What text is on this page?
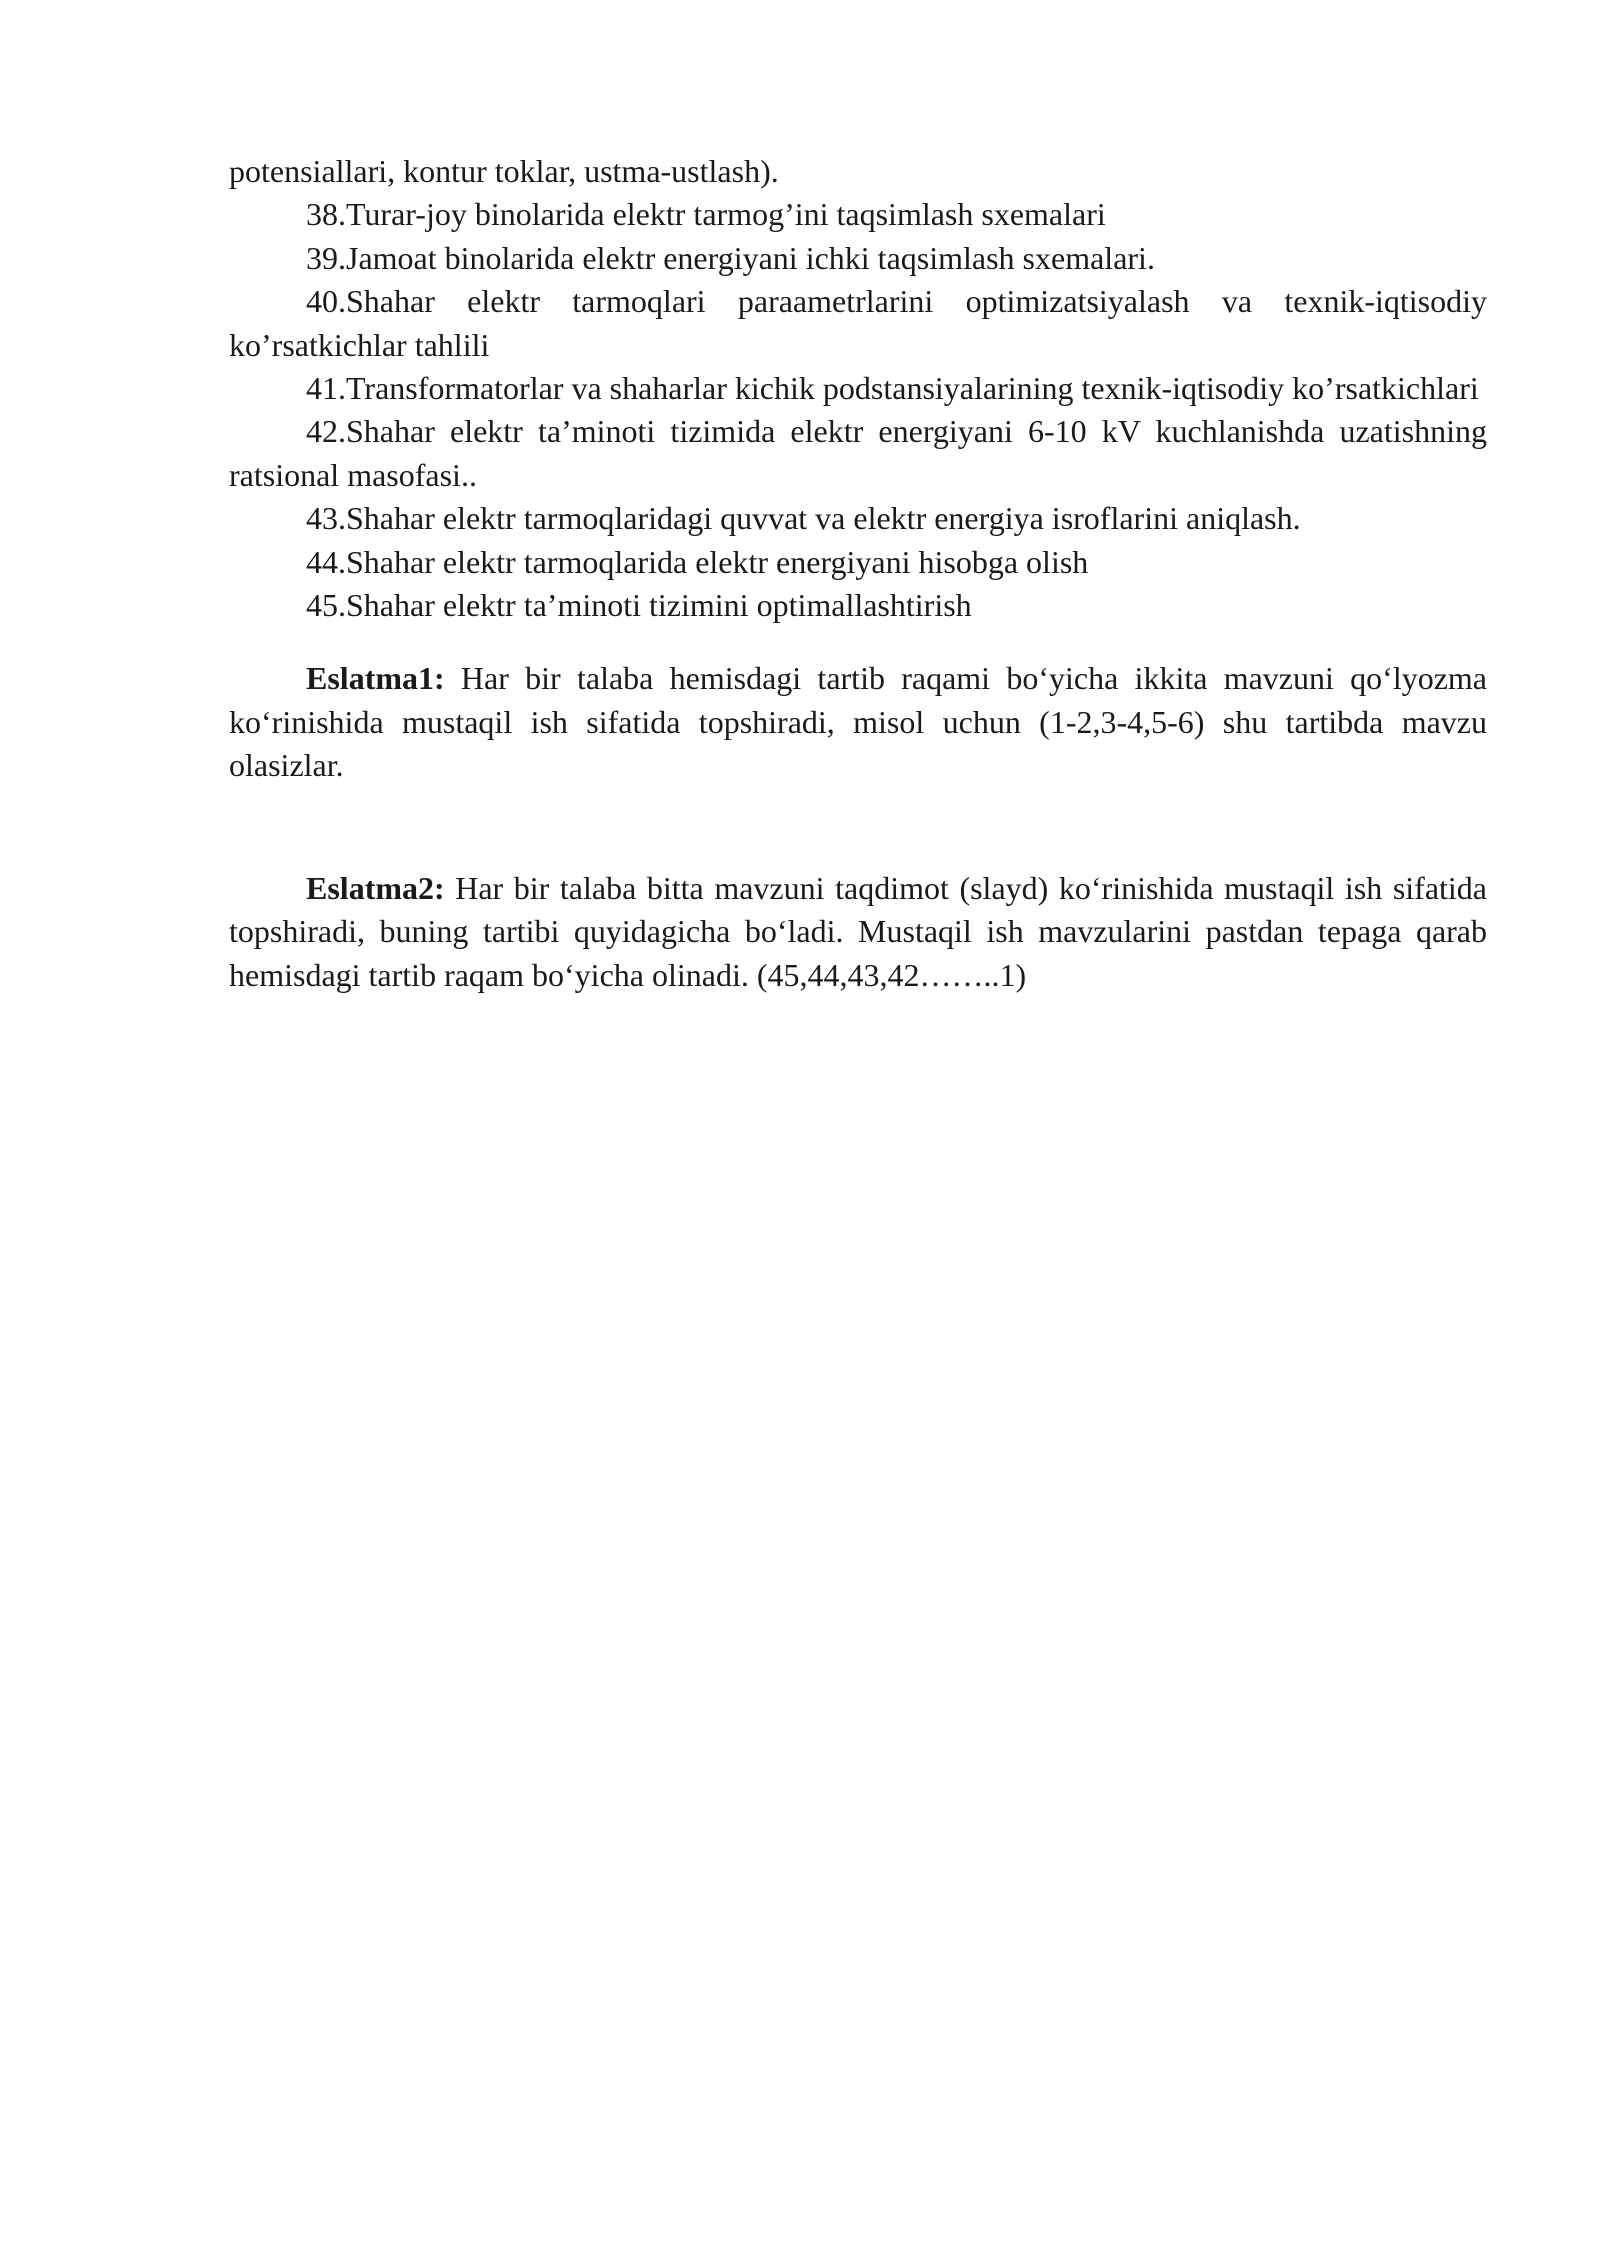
potensiallari, kontur toklar, ustma-ustlash).

38.Turar-joy binolarida elektr tarmog’ini taqsimlash sxemalari

39.Jamoat binolarida elektr energiyani ichki taqsimlash sxemalari.

40.Shahar elektr tarmoqlari paraametrlarini optimizatsiyalash va texnik-iqtisodiy ko’rsatkichlar tahlili

41.Transformatorlar va shaharlar kichik podstansiyalarining texnik-iqtisodiy ko’rsatkichlari

42.Shahar elektr ta’minoti tizimida elektr energiyani 6-10 kV kuchlanishda uzatishning ratsional masofasi..

43.Shahar elektr tarmoqlaridagi quvvat va elektr energiya isroflarini aniqlash.

44.Shahar elektr tarmoqlarida elektr energiyani hisobga olish

45.Shahar elektr ta’minoti tizimini optimallashtirish

Eslatma1: Har bir talaba hemisdagi tartib raqami bo‘yicha ikkita mavzuni qo‘lyozma ko‘rinishida mustaqil ish sifatida topshiradi, misol uchun (1-2,3-4,5-6) shu tartibda mavzu olasizlar.

Eslatma2: Har bir talaba bitta mavzuni taqdimot (slayd) ko‘rinishida mustaqil ish sifatida topshiradi, buning tartibi quyidagicha bo‘ladi. Mustaqil ish mavzularini pastdan tepaga qarab hemisdagi tartib raqam bo‘yicha olinadi. (45,44,43,42……..1)
